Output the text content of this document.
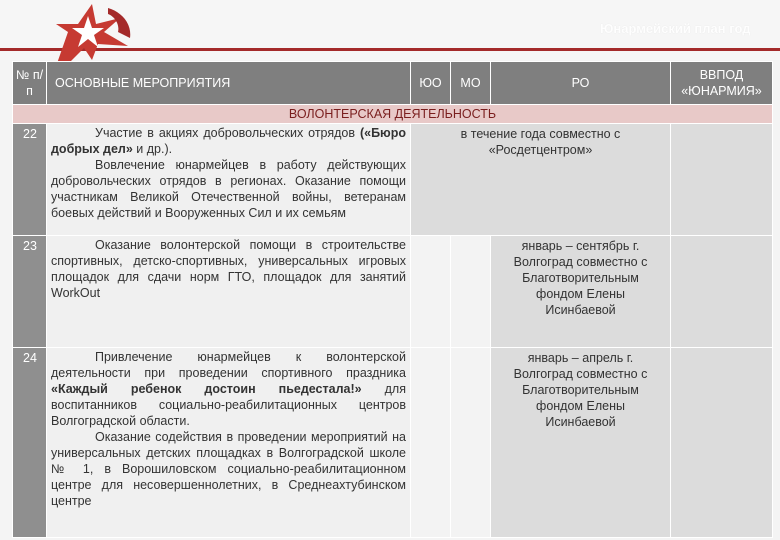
Юнармейский план год
№ п/п	ОСНОВНЫЕ МЕРОПРИЯТИЯ	ЮО	МО	РО	ВВПОД «ЮНАРМИЯ»
ВОЛОНТЕРСКАЯ ДЕЯТЕЛЬНОСТЬ					
22	Участие в акциях добровольческих отрядов («Бюро добрых дел» и др.).

Вовлечение юнармейцев в работу действующих добровольческих отрядов в регионах. Оказание помощи участникам Великой Отечественной войны, ветеранам боевых действий и Вооруженных Сил и их семьям	в течение года совместно с «Росдетцентром»			

23	Оказание волонтерской помощи в строительстве спортивных, детско-спортивных, универсальных игровых площадок для сдачи норм ГТО, площадок для занятий WorkOut			январь – сентябрь г. Волгоград совместно с Благотворительным фондом Елены Исинбаевой	

24	Привлечение юнармейцев к волонтерской деятельности при проведении спортивного праздника «Каждый ребенок достоин пьедестала!» для воспитанников социально-реабилитационных центров Волгоградской области.

Оказание содействия в проведении мероприятий на универсальных детских площадках в Волгоградской школе № 1, в Ворошиловском социально-реабилитационном центре для несовершеннолетних, в Среднеахтубинском центре			январь – апрель г. Волгоград совместно с Благотворительным фондом Елены Исинбаевой	
